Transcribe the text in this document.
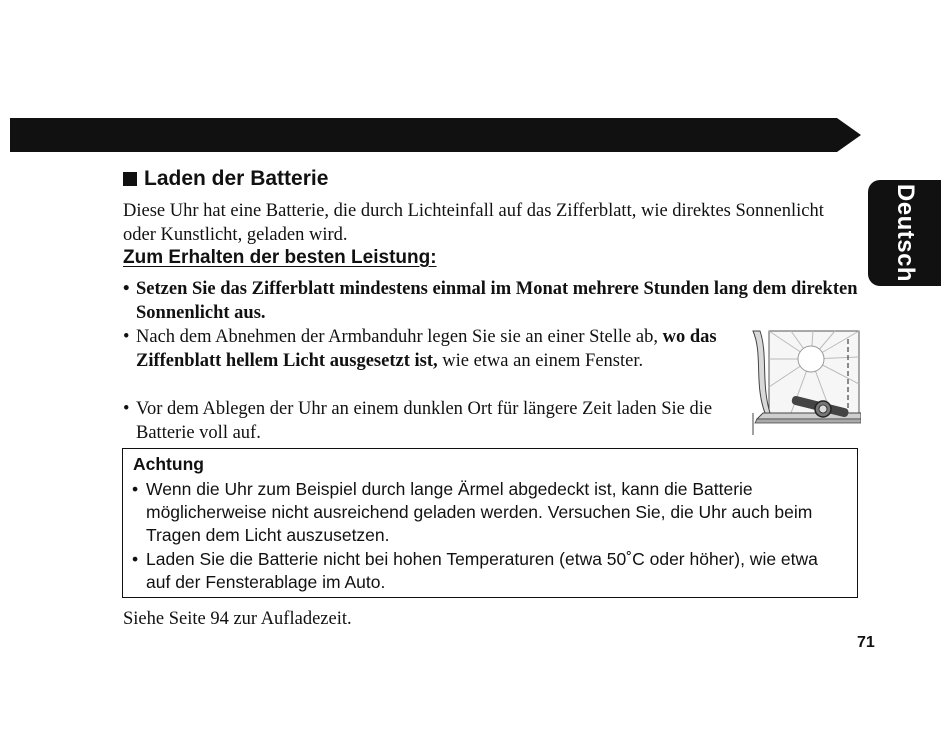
Deutsch
Laden der Batterie

Diese Uhr hat eine Batterie, die durch Lichteinfall auf das Zifferblatt, wie direktes Sonnenlicht oder Kunstlicht, geladen wird.

Zum Erhalten der besten Leistung:

• Setzen Sie das Zifferblatt mindestens einmal im Monat mehrere Stunden lang dem direkten Sonnenlicht aus.

• Nach dem Abnehmen der Armbanduhr legen Sie sie an einer Stelle ab, wo das Ziffenblatt hellem Licht ausgesetzt ist, wie etwa an einem Fenster.

• Vor dem Ablegen der Uhr an einem dunklen Ort für längere Zeit laden Sie die Batterie voll auf.

Achtung

• Wenn die Uhr zum Beispiel durch lange Ärmel abgedeckt ist, kann die Batterie möglicherweise nicht ausreichend geladen werden. Versuchen Sie, die Uhr auch beim Tragen dem Licht auszusetzen.

• Laden Sie die Batterie nicht bei hohen Temperaturen (etwa 50˚C oder höher), wie etwa auf der Fensterablage im Auto.

Siehe Seite 94 zur Aufladezeit.

71
